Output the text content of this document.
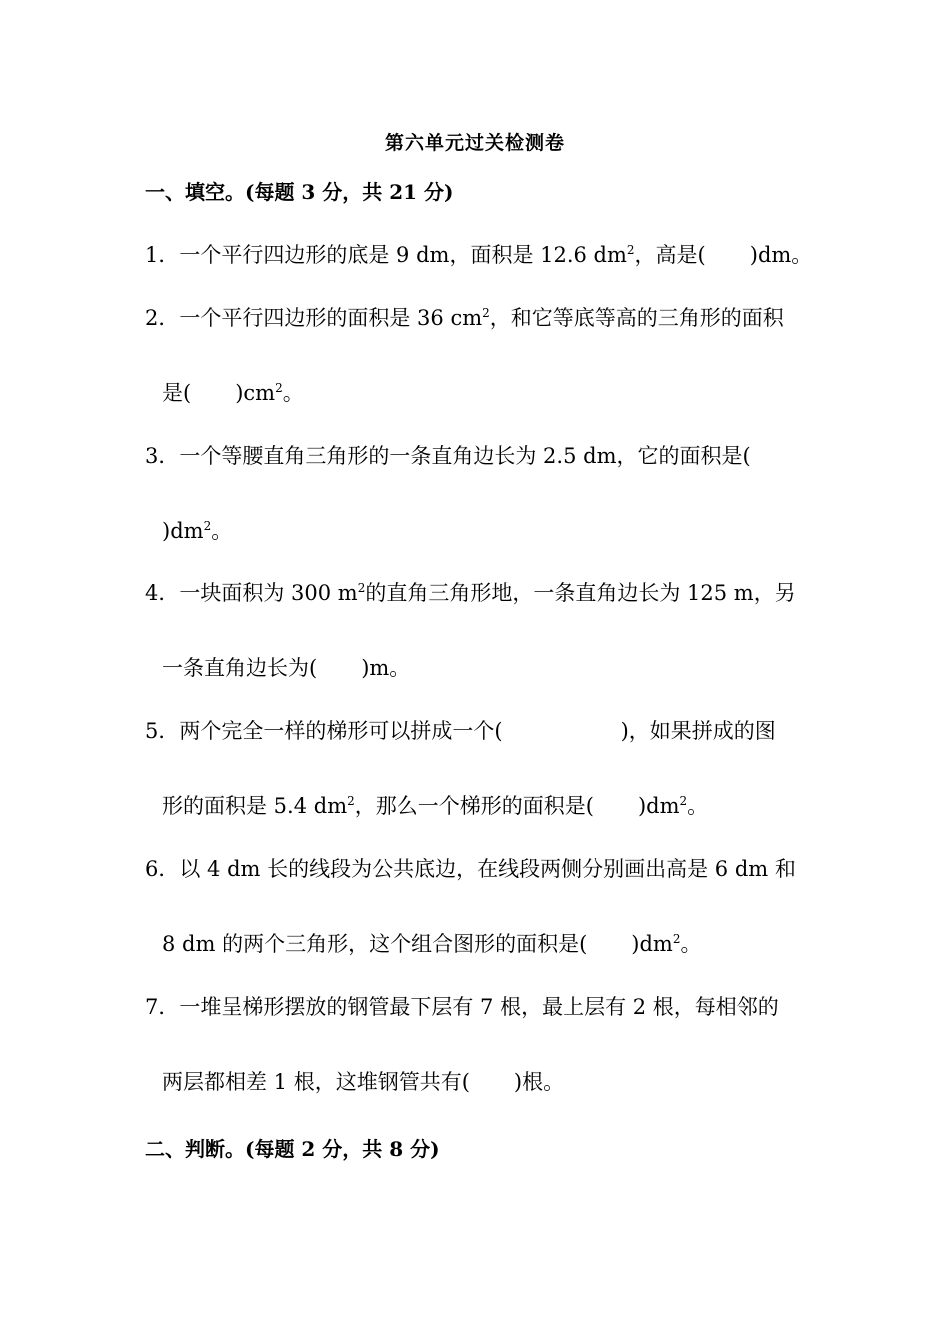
第六单元过关检测卷
一、填空。(每题 3 分，共 21 分)
1．一个平行四边形的底是 9 dm，面积是 12.6 $dm^2$，高是( )dm。
2．一个平行四边形的面积是 36 $cm^2$，和它等底等高的三角形的面积
是( )$cm^2$。
3．一个等腰直角三角形的一条直角边长为 2.5 dm，它的面积是(
)$dm^2$。
4．一块面积为 300 $m^2$的直角三角形地，一条直角边长为 125 m，另
一条直角边长为( )m。
5．两个完全一样的梯形可以拼成一个(	)，如果拼成的图
形的面积是 5.4 $dm^2$，那么一个梯形的面积是( )$dm^2$。
6．以 4 dm 长的线段为公共底边，在线段两侧分别画出高是 6 dm 和
8 dm 的两个三角形，这个组合图形的面积是( )$dm^2$。
7．一堆呈梯形摆放的钢管最下层有 7 根，最上层有 2 根，每相邻的
两层都相差 1 根，这堆钢管共有( )根。
二、判断。(每题 2 分，共 8 分)
